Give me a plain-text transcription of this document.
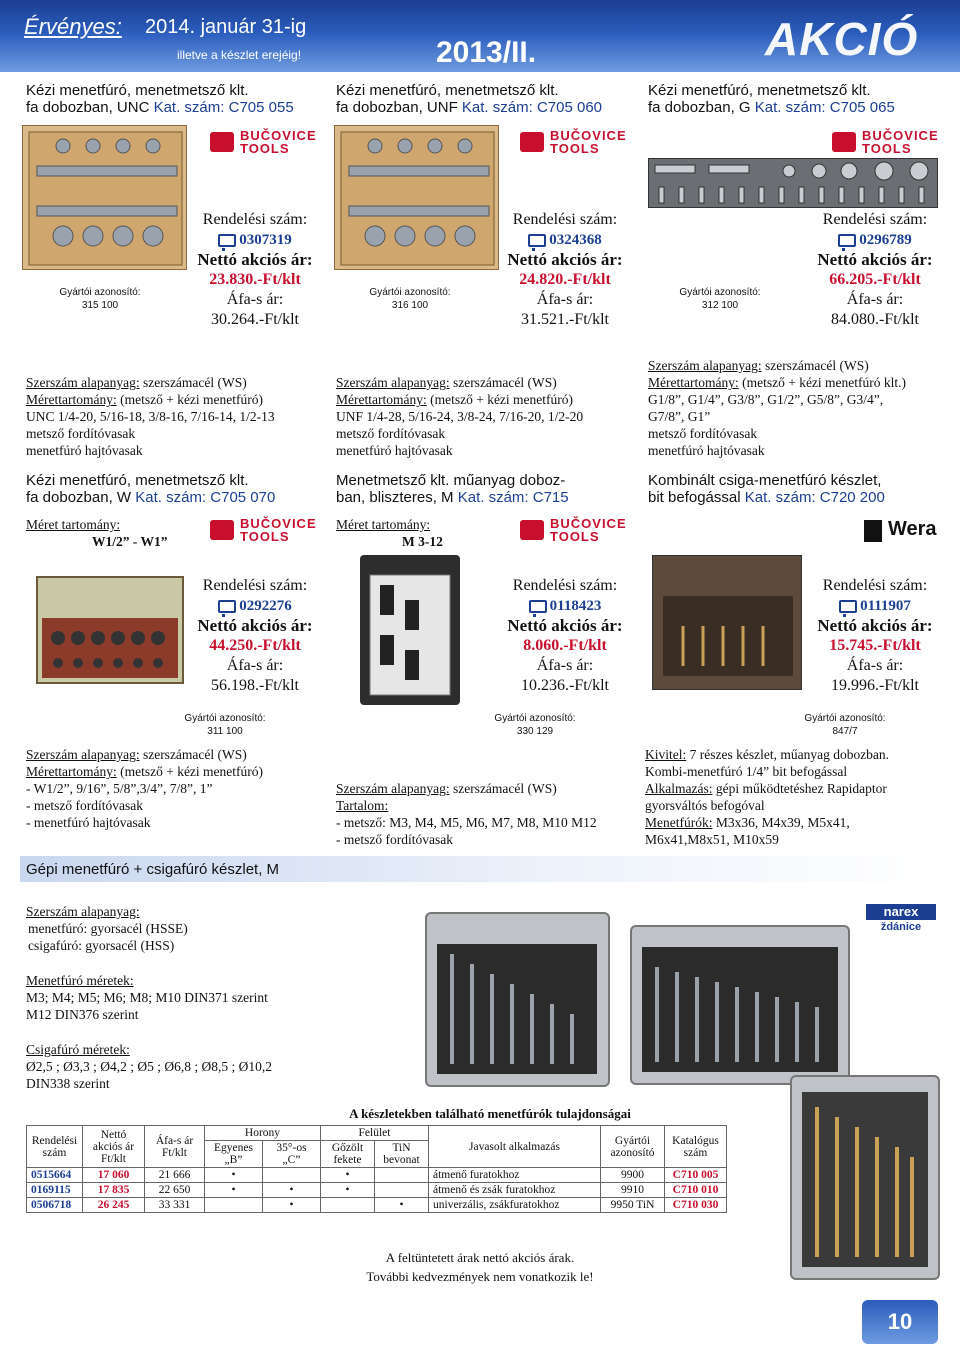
Érvényes: 2014. január 31-ig
illetve a készlet erejéig!	2013/II.	AKCIÓ
Kézi menetfúró, menetmetsző klt.
fa dobozban, UNC Kat. szám: C705 055
Kézi menetfúró, menetmetsző klt.
fa dobozban, UNF Kat. szám: C705 060
Kézi menetfúró, menetmetsző klt.
fa dobozban, G Kat. szám: C705 065
BUČOVICE
TOOLS
BUČOVICE
TOOLS
BUČOVICE
TOOLS
Gyártói azonosító:
315 100
Gyártói azonosító:
316 100
Gyártói azonosító:
312 100
Rendelési szám:
0307319
Nettó akciós ár:
23.830.-Ft/klt
Áfa-s ár:
30.264.-Ft/klt
Rendelési szám:
0324368
Nettó akciós ár:
24.820.-Ft/klt
Áfa-s ár:
31.521.-Ft/klt
Rendelési szám:
0296789
Nettó akciós ár:
66.205.-Ft/klt
Áfa-s ár:
84.080.-Ft/klt
Szerszám alapanyag: szerszámacél (WS)
Mérettartomány: (metsző + kézi menetfúró)
UNC 1/4-20, 5/16-18, 3/8-16, 7/16-14, 1/2-13
metsző fordítóvasak
menetfúró hajtóvasak
Szerszám alapanyag: szerszámacél (WS)
Mérettartomány: (metsző + kézi menetfúró)
UNF 1/4-28, 5/16-24, 3/8-24, 7/16-20, 1/2-20
metsző fordítóvasak
menetfúró hajtóvasak
Szerszám alapanyag: szerszámacél (WS)
Mérettartomány: (metsző + kézi menetfúró klt.)
G1/8”, G1/4”, G3/8”, G1/2”, G5/8”, G3/4”,
G7/8”, G1”
metsző fordítóvasak
menetfúró hajtóvasak
Kézi menetfúró, menetmetsző klt.
fa dobozban, W Kat. szám: C705 070
Menetmetsző klt. műanyag doboz-
ban, bliszteres, M Kat. szám: C715
Kombinált csiga-menetfúró készlet,
bit befogással Kat. szám: C720 200
BUČOVICE
TOOLS
BUČOVICE
TOOLS	Wera
Méret tartomány:
W1/2” - W1”
Méret tartomány:
M 3-12
Rendelési szám:
0292276
Nettó akciós ár:
44.250.-Ft/klt
Áfa-s ár:
56.198.-Ft/klt
Rendelési szám:
0118423
Nettó akciós ár:
8.060.-Ft/klt
Áfa-s ár:
10.236.-Ft/klt
Rendelési szám:
0111907
Nettó akciós ár:
15.745.-Ft/klt
Áfa-s ár:
19.996.-Ft/klt
Gyártói azonosító:
311 100
Gyártói azonosító:
330 129
Gyártói azonosító:
847/7
Szerszám alapanyag: szerszámacél (WS)
Mérettartomány: (metsző + kézi menetfúró)
- W1/2”, 9/16”, 5/8”,3/4”, 7/8”, 1”
- metsző fordítóvasak
- menetfúró hajtóvasak
Szerszám alapanyag: szerszámacél (WS)
Tartalom:
- metsző: M3, M4, M5, M6, M7, M8, M10 M12
- metsző fordítóvasak
Kivitel: 7 részes készlet, műanyag dobozban.
Kombi-menetfúró 1/4” bit befogással
Alkalmazás: gépi működtetéshez Rapidaptor
gyorsváltós befogóval
Menetfúrók: M3x36, M4x39, M5x41,
M6x41,M8x51, M10x59
Gépi menetfúró + csigafúró készlet, M
Szerszám alapanyag:
menetfúró: gyorsacél (HSSE)
csigafúró: gyorsacél (HSS)
Menetfúró méretek:
M3; M4; M5; M6; M8; M10 DIN371 szerint
M12 DIN376 szerint
Csigafúró méretek:
Ø2,5 ; Ø3,3 ; Ø4,2 ; Ø5 ; Ø6,8 ; Ø8,5 ; Ø10,2
DIN338 szerint
narex
ždánice
A készletekben található menetfúrók tulajdonságai
Rendelési szám	Nettó akciós ár Ft/klt	Áfa-s ár Ft/klt	Horony		Felület		Javasolt alkalmazás	Gyártói azonosító	Katalógus szám
			Egyenes „B”	35°-os „C”	Gőzölt fekete	TiN bevonat			
0515664	17 060	21 666	•		•		átmenő furatokhoz	9900	C710 005
0169115	17 835	22 650	•	•	•		átmenő és zsák furatokhoz	9910	C710 010
0506718	26 245	33 331		•		•	univerzális, zsákfuratokhoz	9950 TiN	C710 030
A feltüntetett árak nettó akciós árak.
További kedvezmények nem vonatkozik le!
10
